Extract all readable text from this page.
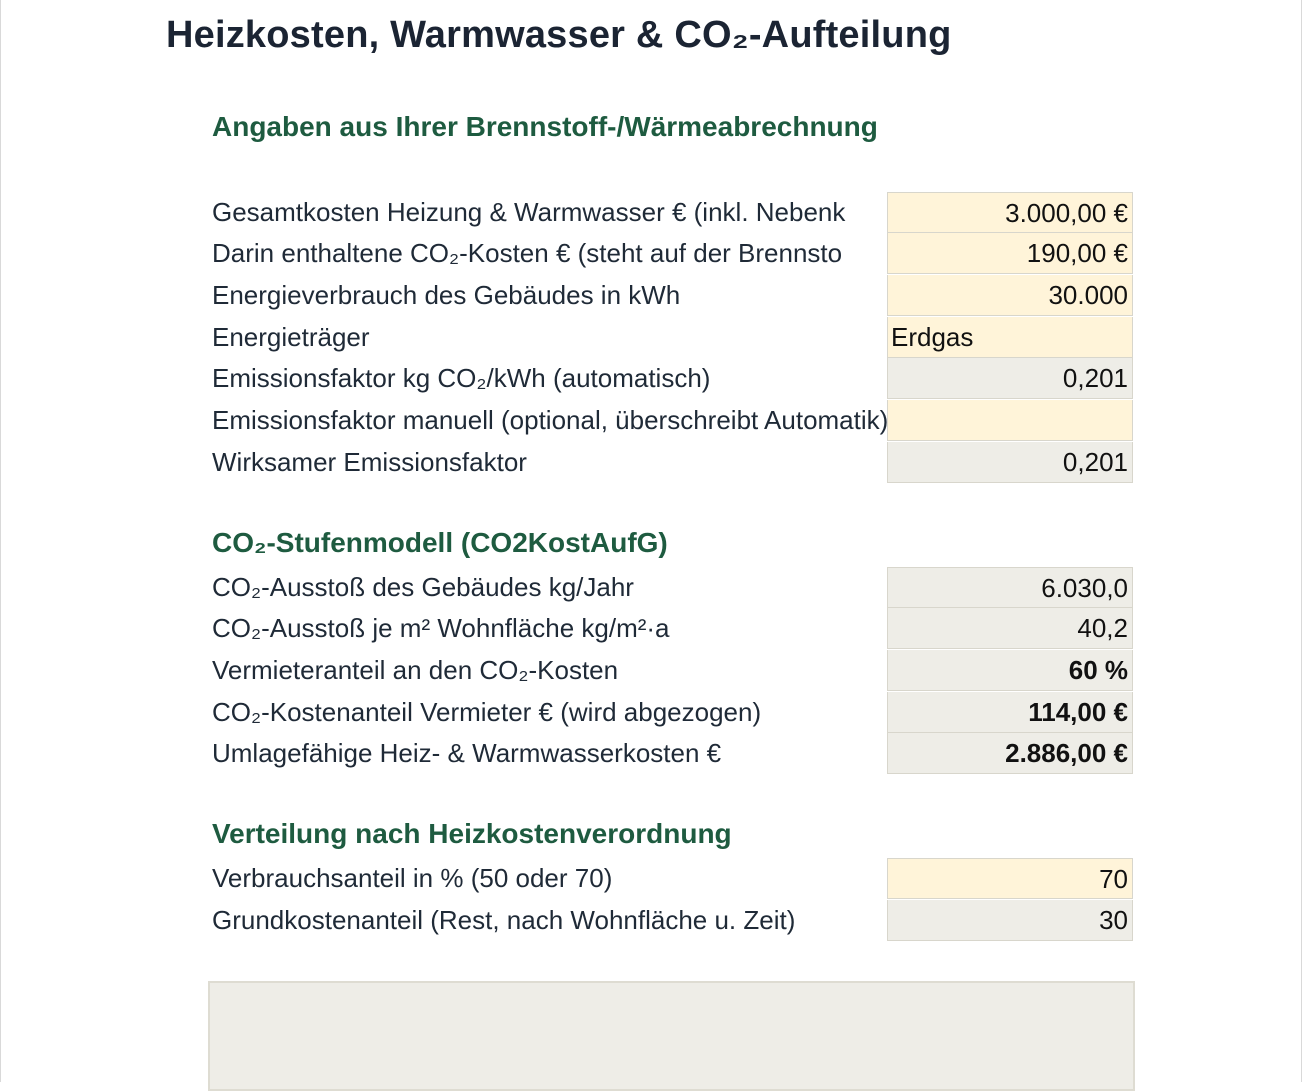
Heizkosten, Warmwasser & CO₂-Aufteilung
Angaben aus Ihrer Brennstoff-/Wärmeabrechnung
Gesamtkosten Heizung & Warmwasser € (inkl. Nebenk	3.000,00 €
Darin enthaltene CO₂-Kosten € (steht auf der Brennsto	190,00 €
Energieverbrauch des Gebäudes in kWh	30.000
Energieträger	Erdgas
Emissionsfaktor kg CO₂/kWh (automatisch)	0,201
Emissionsfaktor manuell (optional, überschreibt Automatik)
Wirksamer Emissionsfaktor	0,201
CO₂-Stufenmodell (CO2KostAufG)
CO₂-Ausstoß des Gebäudes kg/Jahr	6.030,0
CO₂-Ausstoß je m² Wohnfläche kg/m²·a	40,2
Vermieteranteil an den CO₂-Kosten	60 %
CO₂-Kostenanteil Vermieter € (wird abgezogen)	114,00 €
Umlagefähige Heiz- & Warmwasserkosten €	2.886,00 €
Verteilung nach Heizkostenverordnung
Verbrauchsanteil in % (50 oder 70)	70
Grundkostenanteil (Rest, nach Wohnfläche u. Zeit)	30
